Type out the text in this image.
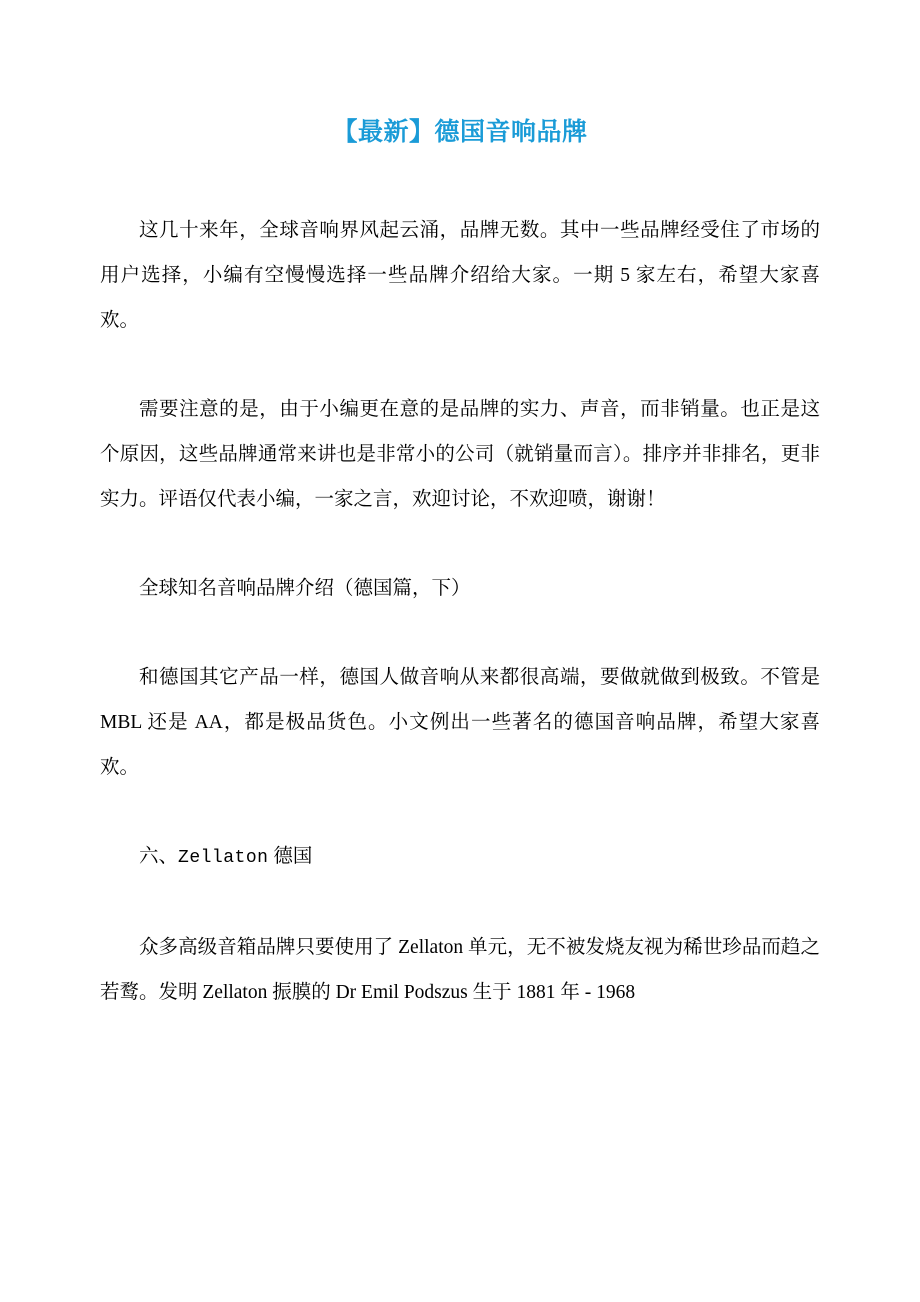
【最新】德国音响品牌

这几十来年，全球音响界风起云涌，品牌无数。其中一些品牌经受住了市场的用户选择，小编有空慢慢选择一些品牌介绍给大家。一期 5 家左右，希望大家喜欢。

需要注意的是，由于小编更在意的是品牌的实力、声音，而非销量。也正是这个原因，这些品牌通常来讲也是非常小的公司（就销量而言）。排序并非排名，更非实力。评语仅代表小编，一家之言，欢迎讨论，不欢迎喷，谢谢！

全球知名音响品牌介绍（德国篇，下）

和德国其它产品一样，德国人做音响从来都很高端，要做就做到极致。不管是 MBL 还是 AA，都是极品货色。小文例出一些著名的德国音响品牌，希望大家喜欢。

六、Zellaton 德国

众多高级音箱品牌只要使用了 Zellaton 单元，无不被发烧友视为稀世珍品而趋之若鹜。发明 Zellaton 振膜的 Dr Emil Podszus 生于 1881 年 - 1968
